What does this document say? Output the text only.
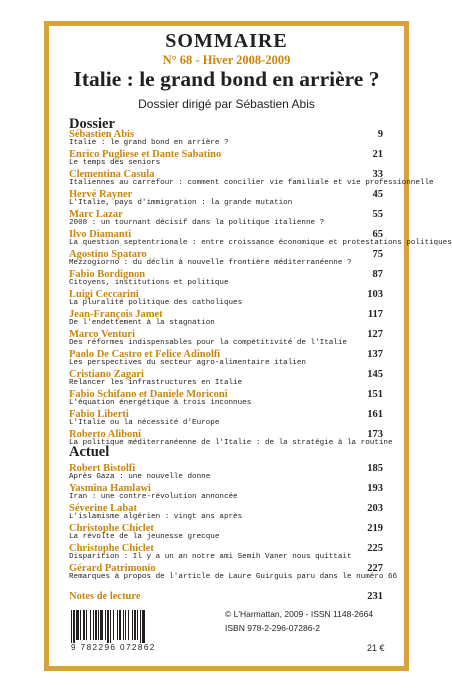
SOMMAIRE
N° 68 - Hiver 2008-2009
Italie : le grand bond en arrière ?
Dossier dirigé par Sébastien Abis
Dossier
Sébastien Abis	9
Italie : le grand bond en arrière ?
Enrico Pugliese et Dante Sabatino	21
Le temps des seniors
Clementina Casula	33
Italiennes au carrefour : comment concilier vie familiale et vie professionnelle
Hervé Rayner	45
L'Italie, pays d'immigration : la grande mutation
Marc Lazar	55
2008 : un tournant décisif dans la politique italienne ?
Ilvo Diamanti	65
La question septentrionale : entre croissance économique et protestations politiques
Agostino Spataro	75
Mezzogiorno : du déclin à nouvelle frontière méditerranéenne ?
Fabio Bordignon	87
Citoyens, institutions et politique
Luigi Ceccarini	103
La pluralité politique des catholiques
Jean-François Jamet	117
De l'endettement à la stagnation
Marco Venturi	127
Des réformes indispensables pour la compétitivité de l'Italie
Paolo De Castro et Felice Adinolfi	137
Les perspectives du secteur agro-alimentaire italien
Cristiano Zagari	145
Relancer les infrastructures en Italie
Fabio Schifano et Daniele Moriconi	151
L'équation énergétique à trois inconnues
Fabio Liberti	161
L'Italie ou la nécessité d'Europe
Roberto Aliboni	173
La politique méditerranéenne de l'Italie : de la stratégie à la routine
Actuel
Robert Bistolfi	185
Après Gaza : une nouvelle donne
Yasmina Hamlawi	193
Iran : une contre-révolution annoncée
Séverine Labat	203
L'islamisme algérien : vingt ans après
Christophe Chiclet	219
La révolte de la jeunesse grecque
Christophe Chiclet	225
Disparition : Il y a un an notre ami Semih Vaner nous quittait
Gérard Patrimonio	227
Remarques à propos de l'article de Laure Guirguis paru dans le numéro 66
Notes de lecture	231
© L'Harmattan, 2009 - ISSN 1148-2664
ISBN 978-2-296-07286-2
9 782296 072862	21 €
